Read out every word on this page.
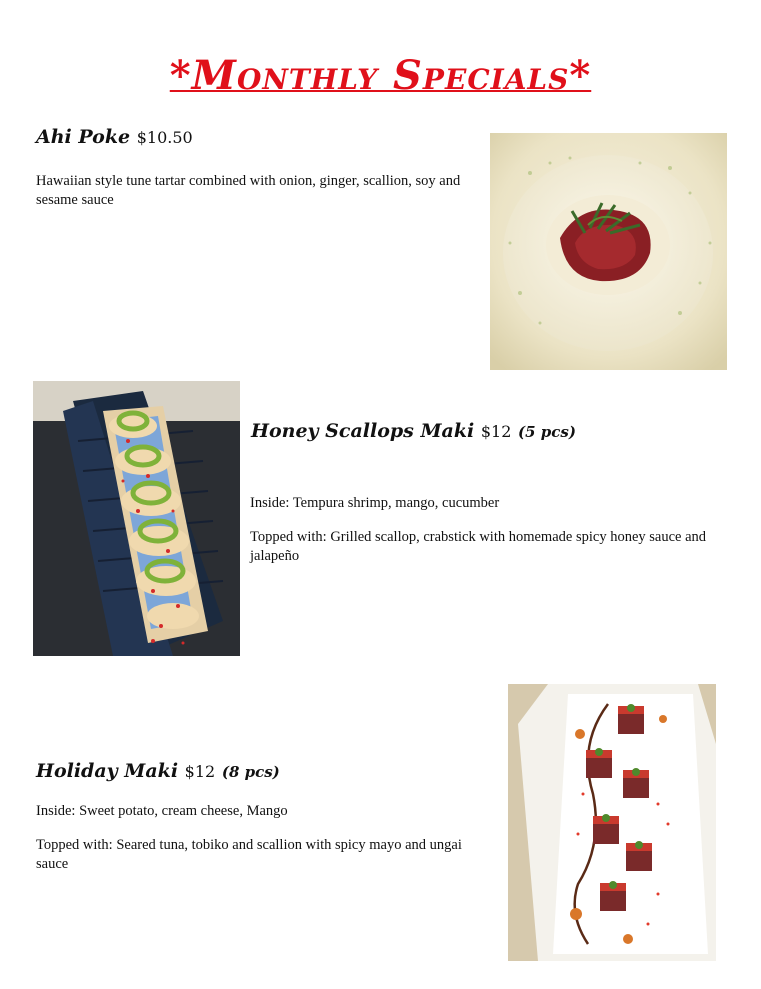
*Monthly Specials*
Ahi Poke $10.50
Hawaiian style tune tartar combined with onion, ginger, scallion, soy and sesame sauce
Honey Scallops Maki $12 (5 pcs)
Inside: Tempura shrimp, mango, cucumber
Topped with: Grilled scallop, crabstick with homemade spicy honey sauce and jalapeño
Holiday Maki $12 (8 pcs)
Inside: Sweet potato, cream cheese, Mango
Topped with: Seared tuna, tobiko and scallion with spicy mayo and ungai sauce
